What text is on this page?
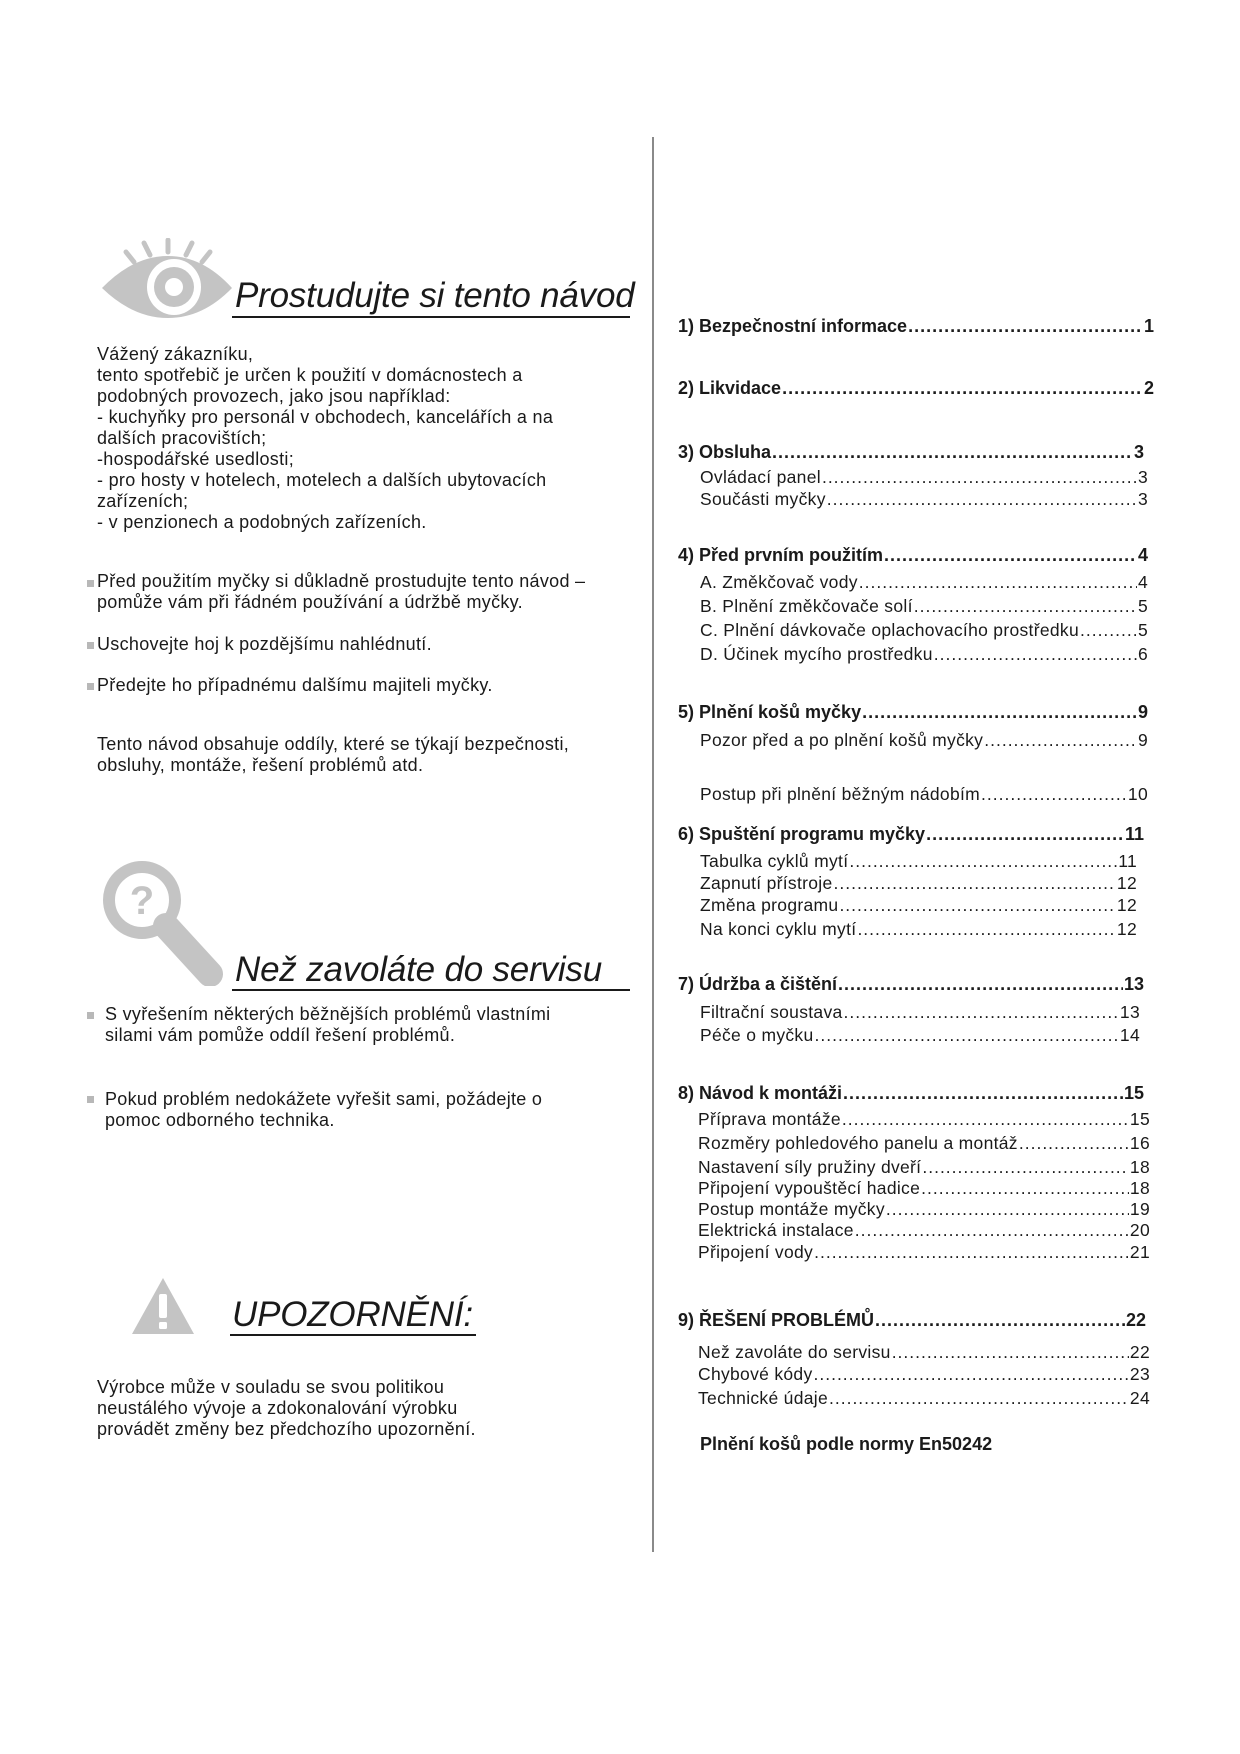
Prostudujte si tento návod
Vážený zákazníku,
tento spotřebič je určen k použití v domácnostech a
podobných provozech, jako jsou například:
- kuchyňky pro personál v obchodech, kancelářích a na
dalších pracovištích;
-hospodářské usedlosti;
- pro hosty v hotelech, motelech a dalších ubytovacích
zařízeních;
- v penzionech a podobných zařízeních.
Před použitím myčky si důkladně prostudujte tento návod –
pomůže vám při řádném používání a údržbě myčky.
Uschovejte hoj k pozdějšímu nahlédnutí.
Předejte ho případnému dalšímu majiteli myčky.
Tento návod obsahuje oddíly, které se týkají bezpečnosti,
obsluhy, montáže, řešení problémů atd.
?
Než zavoláte do servisu
S vyřešením některých běžnějších problémů vlastními
silami vám pomůže oddíl řešení problémů.
Pokud problém nedokážete vyřešit sami, požádejte o
pomoc odborného technika.
UPOZORNĚNÍ:
Výrobce může v souladu se svou politikou
neustálého vývoje a zdokonalování výrobku
provádět změny bez předchozího upozornění.
1) Bezpečnostní informace .....	1
2) Likvidace .....	2
3) Obsluha .....	3
Ovládací panel .....	3
Součásti myčky .....	3
4) Před prvním použitím .....	4
A. Změkčovač vody .....	4
B. Plnění změkčovače solí .....	5
C. Plnění dávkovače oplachovacího prostředku .....	5
D. Účinek mycího prostředku .....	6
5) Plnění košů myčky .....	9
Pozor před a po plnění košů myčky .....	9
Postup při plnění běžným nádobím .....	10
6) Spuštění programu myčky .....	11
Tabulka cyklů mytí .....	11
Zapnutí přístroje .....	12
Změna programu .....	12
Na konci cyklu mytí .....	12
7) Údržba a čištění .....	13
Filtrační soustava .....	13
Péče o myčku .....	14
8) Návod k montáži .....	15
Příprava montáže .....	15
Rozměry pohledového panelu a montáž .....	16
Nastavení síly pružiny dveří .....	18
Připojení vypouštěcí hadice .....	18
Postup montáže myčky .....	19
Elektrická instalace .....	20
Připojení vody .....	21
9) ŘEŠENÍ PROBLÉMŮ .....	22
Než zavoláte do servisu .....	22
Chybové kódy .....	23
Technické údaje .....	24
Plnění košů podle normy En50242
